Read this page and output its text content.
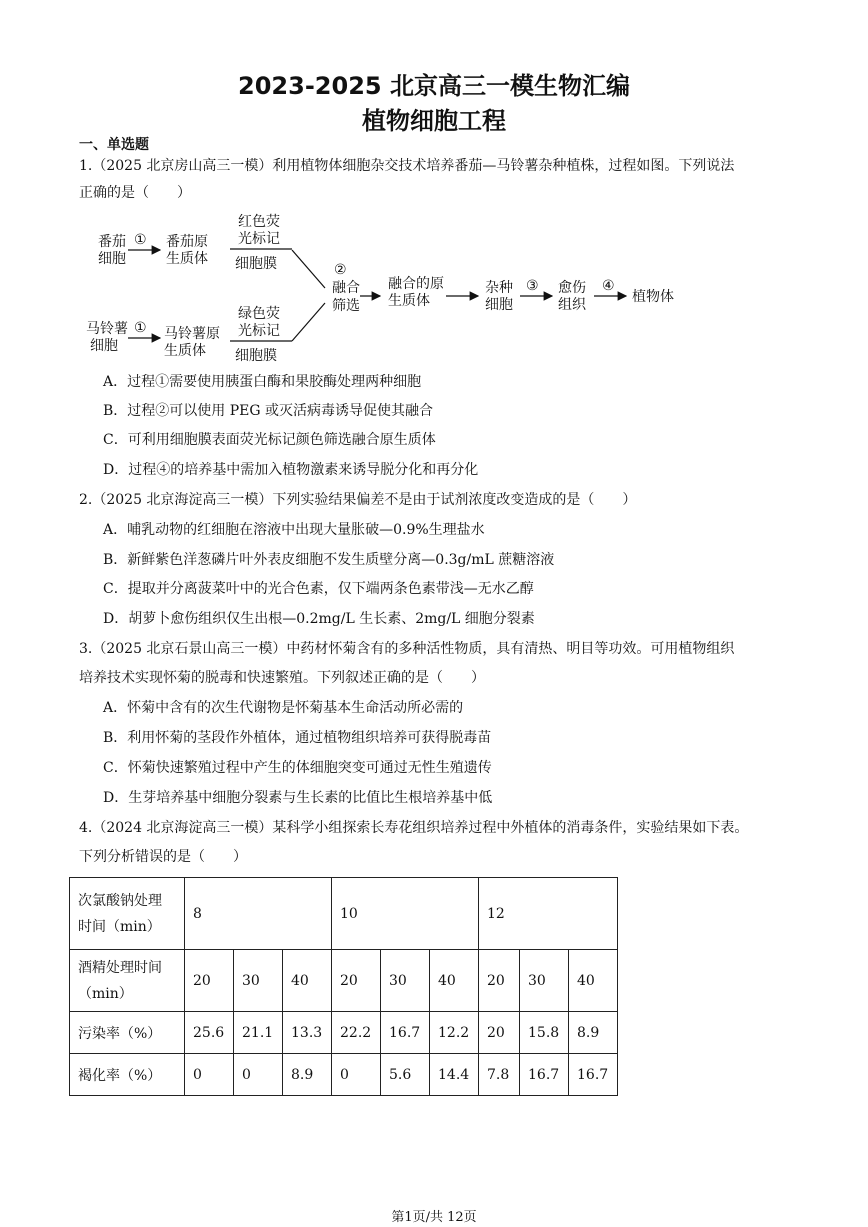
2023-2025 北京高三一模生物汇编
植物细胞工程
一、单选题
1.（2025 北京房山高三一模）利用植物体细胞杂交技术培养番茄—马铃薯杂种植株，过程如图。下列说法
正确的是（　　）
番茄
细胞
① 番茄原
生质体
红色荧
光标记
细胞膜
马铃薯
细胞
① 马铃薯原
生质体
绿色荧
光标记
细胞膜
②
融合
筛选
融合的原
生质体
杂种
细胞
③ 愈伤
组织
④
植物体
A．过程①需要使用胰蛋白酶和果胶酶处理两种细胞
B．过程②可以使用 PEG 或灭活病毒诱导促使其融合
C．可利用细胞膜表面荧光标记颜色筛选融合原生质体
D．过程④的培养基中需加入植物激素来诱导脱分化和再分化
2.（2025 北京海淀高三一模）下列实验结果偏差不是由于试剂浓度改变造成的是（　　）
A．哺乳动物的红细胞在溶液中出现大量胀破—0.9%生理盐水
B．新鲜紫色洋葱磷片叶外表皮细胞不发生质壁分离—0.3g/mL 蔗糖溶液
C．提取并分离菠菜叶中的光合色素，仅下端两条色素带浅—无水乙醇
D．胡萝卜愈伤组织仅生出根—0.2mg/L 生长素、2mg/L 细胞分裂素
3.（2025 北京石景山高三一模）中药材怀菊含有的多种活性物质，具有清热、明目等功效。可用植物组织
培养技术实现怀菊的脱毒和快速繁殖。下列叙述正确的是（　　）
A．怀菊中含有的次生代谢物是怀菊基本生命活动所必需的
B．利用怀菊的茎段作外植体，通过植物组织培养可获得脱毒苗
C．怀菊快速繁殖过程中产生的体细胞突变可通过无性生殖遗传
D．生芽培养基中细胞分裂素与生长素的比值比生根培养基中低
4.（2024 北京海淀高三一模）某科学小组探索长寿花组织培养过程中外植体的消毒条件，实验结果如下表。
下列分析错误的是（　　）
次氯酸钠处理
时间（min）	8			10			12		

酒精处理时间
（min）	20	30	40	20	30	40	20	30	40
污染率（%）	25.6	21.1	13.3	22.2	16.7	12.2	20	15.8	8.9
褐化率（%）	0	0	8.9	0	5.6	14.4	7.8	16.7	16.7
第1页/共 12页
